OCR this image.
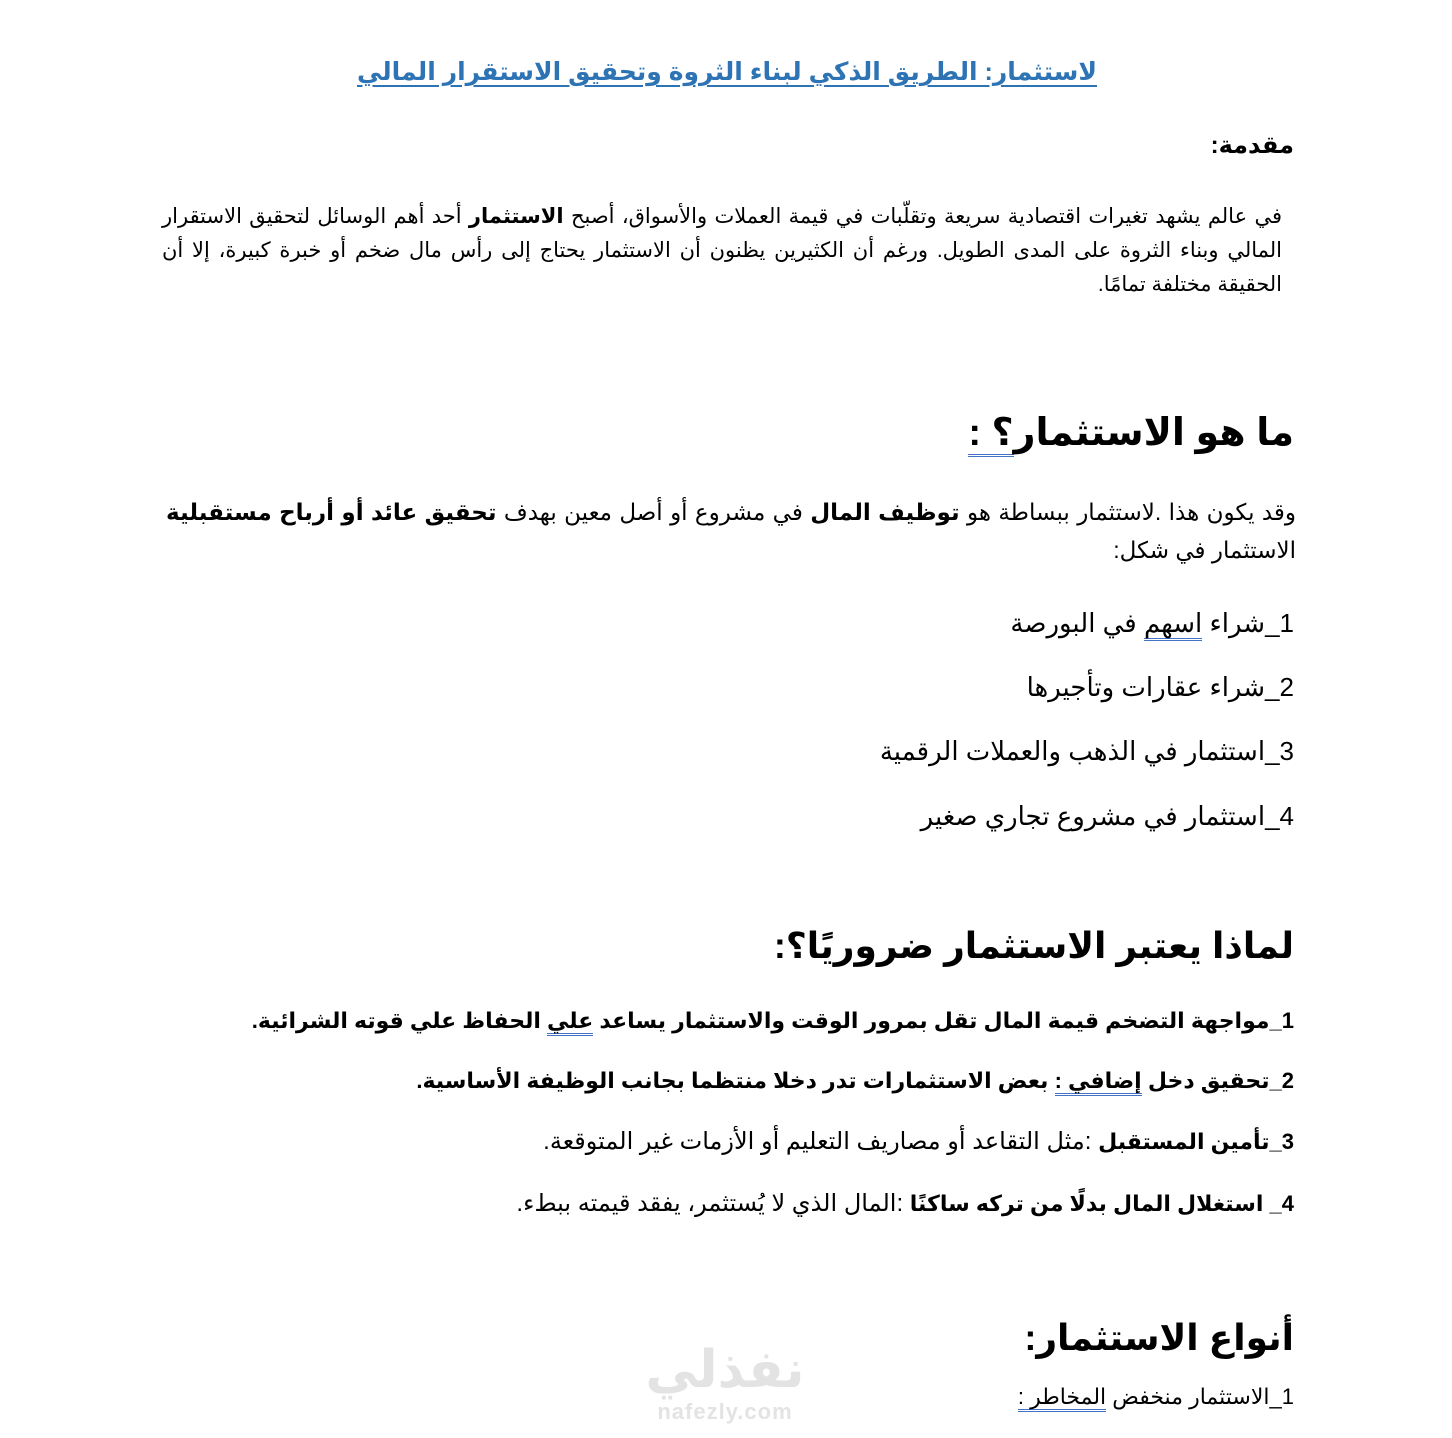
لاستثمار: الطريق الذكي لبناء الثروة وتحقيق الاستقرار المالي
مقدمة:
في عالم يشهد تغيرات اقتصادية سريعة وتقلّبات في قيمة العملات والأسواق، أصبح الاستثمار أحد أهم الوسائل لتحقيق الاستقرار المالي وبناء الثروة على المدى الطويل. ورغم أن الكثيرين يظنون أن الاستثمار يحتاج إلى رأس مال ضخم أو خبرة كبيرة، إلا أن الحقيقة مختلفة تمامًا.
ما هو الاستثمار؟ :
وقد يكون هذا .لاستثمار ببساطة هو توظيف المال في مشروع أو أصل معين بهدف تحقيق عائد أو أرباح مستقبلية الاستثمار في شكل:
1_شراء اسهم في البورصة
2_شراء عقارات وتأجيرها
3_استثمار في الذهب والعملات الرقمية
4_استثمار في مشروع تجاري صغير
لماذا يعتبر الاستثمار ضروريًا؟:
1_مواجهة التضخم قيمة المال تقل بمرور الوقت والاستثمار يساعد علي الحفاظ علي قوته الشرائية.
2_تحقيق دخل إضافي : بعض الاستثمارات تدر دخلا منتظما بجانب الوظيفة الأساسية.
3_تأمين المستقبل :مثل التقاعد أو مصاريف التعليم أو الأزمات غير المتوقعة.
4_ استغلال المال بدلًا من تركه ساكنًا :المال الذي لا يُستثمر، يفقد قيمته ببطء.
أنواع الاستثمار:
1_الاستثمار منخفض المخاطر :
نفذلي
nafezly.com
